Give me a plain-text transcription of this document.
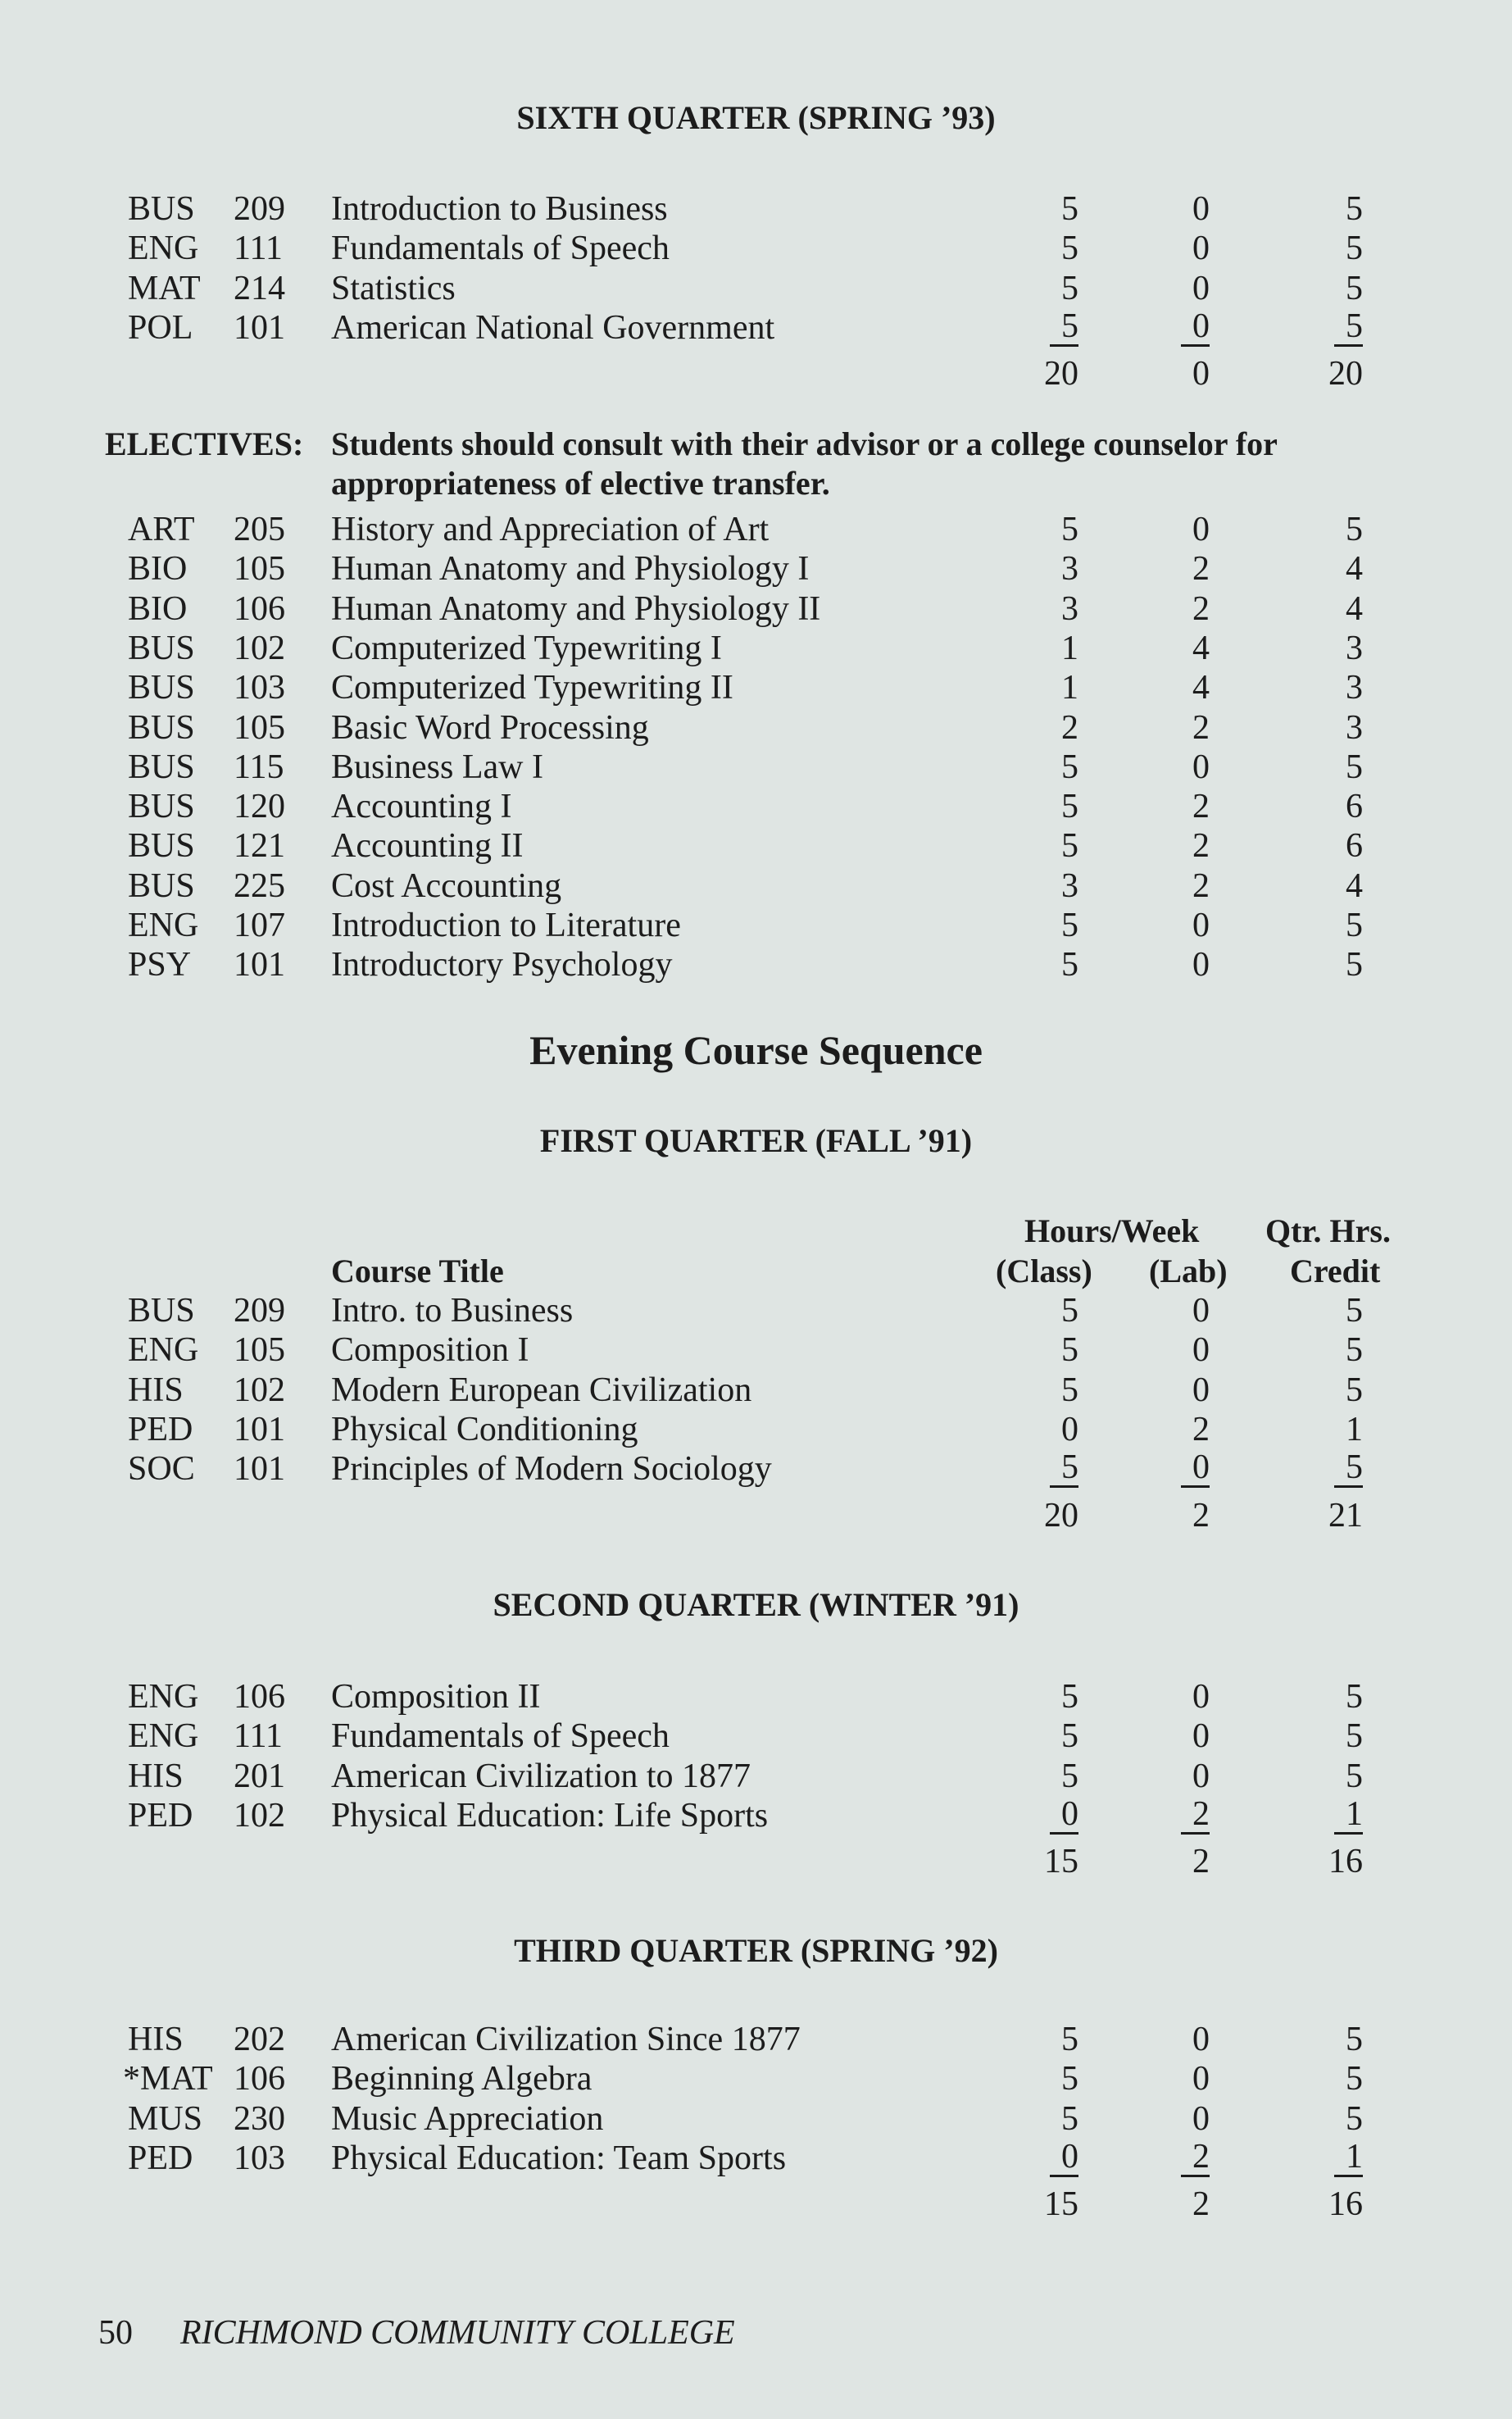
SIXTH QUARTER (SPRING ’93)
BUS 209 Introduction to Business	5	0	5
ENG 111 Fundamentals of Speech	5	0	5
MAT 214 Statistics	5	0	5
POL 101 American National Government	5	0	5
20	0	20
ELECTIVES: Students should consult with their advisor or a college counselor for
appropriateness of elective transfer.
ART 205 History and Appreciation of Art	5	0	5
BIO 105 Human Anatomy and Physiology I	3	2	4
BIO 106 Human Anatomy and Physiology II	3	2	4
BUS 102 Computerized Typewriting I	1	4	3
BUS 103 Computerized Typewriting II	1	4	3
BUS 105 Basic Word Processing	2	2	3
BUS 115 Business Law I	5	0	5
BUS 120 Accounting I	5	2	6
BUS 121 Accounting II	5	2	6
BUS 225 Cost Accounting	3	2	4
ENG 107 Introduction to Literature	5	0	5
PSY 101 Introductory Psychology	5	0	5
Evening Course Sequence
FIRST QUARTER (FALL ’91)
Hours/Week Qtr. Hrs.
Course Title	(Class) (Lab) Credit
BUS 209 Intro. to Business	5	0	5
ENG 105 Composition I	5	0	5
HIS 102 Modern European Civilization	5	0	5
PED 101 Physical Conditioning	0	2	1
SOC 101 Principles of Modern Sociology	5	0	5
20	2	21
SECOND QUARTER (WINTER ’91)
ENG 106 Composition II	5	0	5
ENG 111 Fundamentals of Speech	5	0	5
HIS 201 American Civilization to 1877	5	0	5
PED 102 Physical Education: Life Sports	0	2	1
15	2	16
THIRD QUARTER (SPRING ’92)
HIS 202 American Civilization Since 1877	5	0	5
*MAT 106 Beginning Algebra	5	0	5
MUS 230 Music Appreciation	5	0	5
PED 103 Physical Education: Team Sports	0	2	1
15	2	16
50 RICHMOND COMMUNITY COLLEGE
